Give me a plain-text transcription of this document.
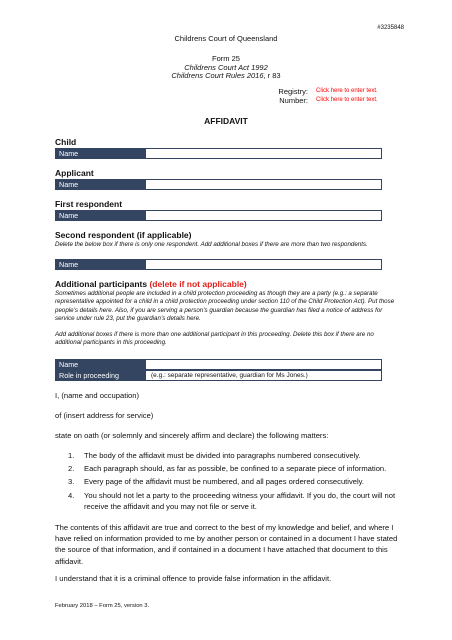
#3235848
Childrens Court of Queensland
Form 25
Childrens Court Act 1992
Childrens Court Rules 2016, r 83
Registry: Click here to enter text.
Number: Click here to enter text.
AFFIDAVIT
Child
Name
Applicant
Name
First respondent
Name
Second respondent (if applicable)
Delete the below box if there is only one respondent. Add additional boxes if there are more than two respondents.
Name
Additional participants (delete if not applicable)
Sometimes additional people are included in a child protection proceeding as though they are a party (e.g.: a separate representative appointed for a child in a child protection proceeding under section 110 of the Child Protection Act). Put those people’s details here. Also, if you are serving a person’s guardian because the guardian has filed a notice of address for service under rule 23, put the guardian’s details here.
Add additional boxes if there is more than one additional participant in this proceeding. Delete this box if there are no additional participants in this proceeding.
Name
Role in proceeding	(e.g.: separate representative, guardian for Ms Jones.)
I, (name and occupation)
of (insert address for service)
state on oath (or solemnly and sincerely affirm and declare) the following matters:
1. The body of the affidavit must be divided into paragraphs numbered consecutively.
2. Each paragraph should, as far as possible, be confined to a separate piece of information.
3. Every page of the affidavit must be numbered, and all pages ordered consecutively.
4. You should not let a party to the proceeding witness your affidavit. If you do, the court will not receive the affidavit and you may not file or serve it.
The contents of this affidavit are true and correct to the best of my knowledge and belief, and where I have relied on information provided to me by another person or contained in a document I have stated the source of that information, and if contained in a document I have attached that document to this affidavit.
I understand that it is a criminal offence to provide false information in the affidavit.
February 2018 – Form 25, version 3.
